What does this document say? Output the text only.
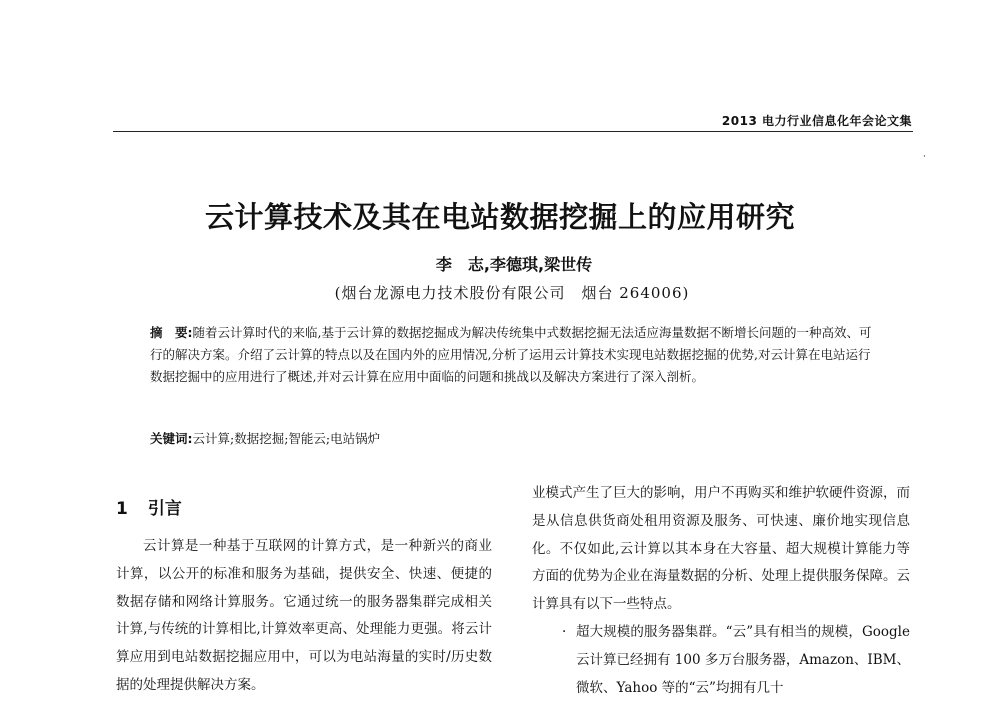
2013 电力行业信息化年会论文集
·
云计算技术及其在电站数据挖掘上的应用研究
李　志,李德琪,梁世传
(烟台龙源电力技术股份有限公司　烟台 264006)
摘　要:随着云计算时代的来临,基于云计算的数据挖掘成为解决传统集中式数据挖掘无法适应海量数据不断增长问题的一种高效、可行的解决方案。介绍了云计算的特点以及在国内外的应用情况,分析了运用云计算技术实现电站数据挖掘的优势,对云计算在电站运行数据挖掘中的应用进行了概述,并对云计算在应用中面临的问题和挑战以及解决方案进行了深入剖析。
关键词:云计算;数据挖掘;智能云;电站锅炉
1 引言

云计算是一种基于互联网的计算方式，是一种新兴的商业计算，以公开的标准和服务为基础，提供安全、快速、便捷的数据存储和网络计算服务。它通过统一的服务器集群完成相关计算,与传统的计算相比,计算效率更高、处理能力更强。将云计算应用到电站数据挖掘应用中，可以为电站海量的实时/历史数据的处理提供解决方案。

业模式产生了巨大的影响，用户不再购买和维护软硬件资源，而是从信息供货商处租用资源及服务、可快速、廉价地实现信息化。不仅如此,云计算以其本身在大容量、超大规模计算能力等方面的优势为企业在海量数据的分析、处理上提供服务保障。云计算具有以下一些特点。

· 超大规模的服务器集群。“云”具有相当的规模，Google 云计算已经拥有 100 多万台服务器，Amazon、IBM、微软、Yahoo 等的“云”均拥有几十
